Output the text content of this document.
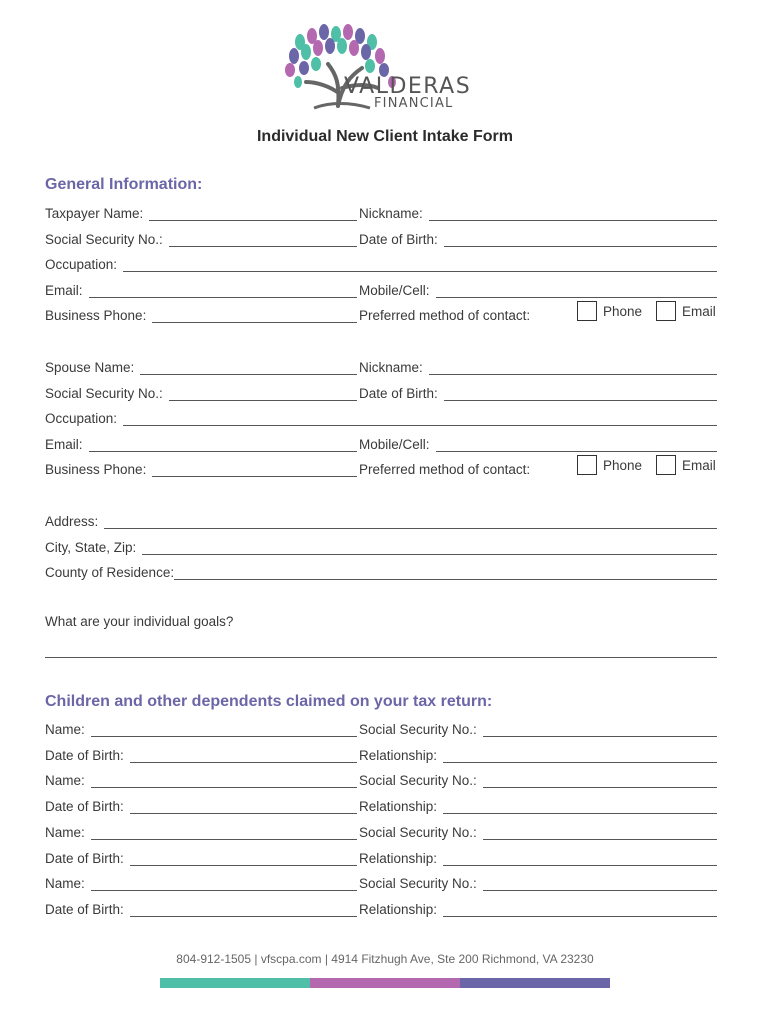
VALDERAS
FINANCIAL
Individual New Client Intake Form
General Information:
Taxpayer Name:	Nickname:
Social Security No.:	Date of Birth:
Occupation:
Email:	Mobile/Cell:
Business Phone:	Preferred method of contact:	Phone	Email
Spouse Name:	Nickname:
Social Security No.:	Date of Birth:
Occupation:
Email:	Mobile/Cell:
Business Phone:	Preferred method of contact:	Phone	Email
Address:
City, State, Zip:
County of Residence:
What are your individual goals?
Children and other dependents claimed on your tax return:
Name:	Social Security No.:
Date of Birth:	Relationship:
Name:	Social Security No.:
Date of Birth:	Relationship:
Name:	Social Security No.:
Date of Birth:	Relationship:
Name:	Social Security No.:
Date of Birth:	Relationship:
804-912-1505 | vfscpa.com | 4914 Fitzhugh Ave, Ste 200 Richmond, VA 23230
